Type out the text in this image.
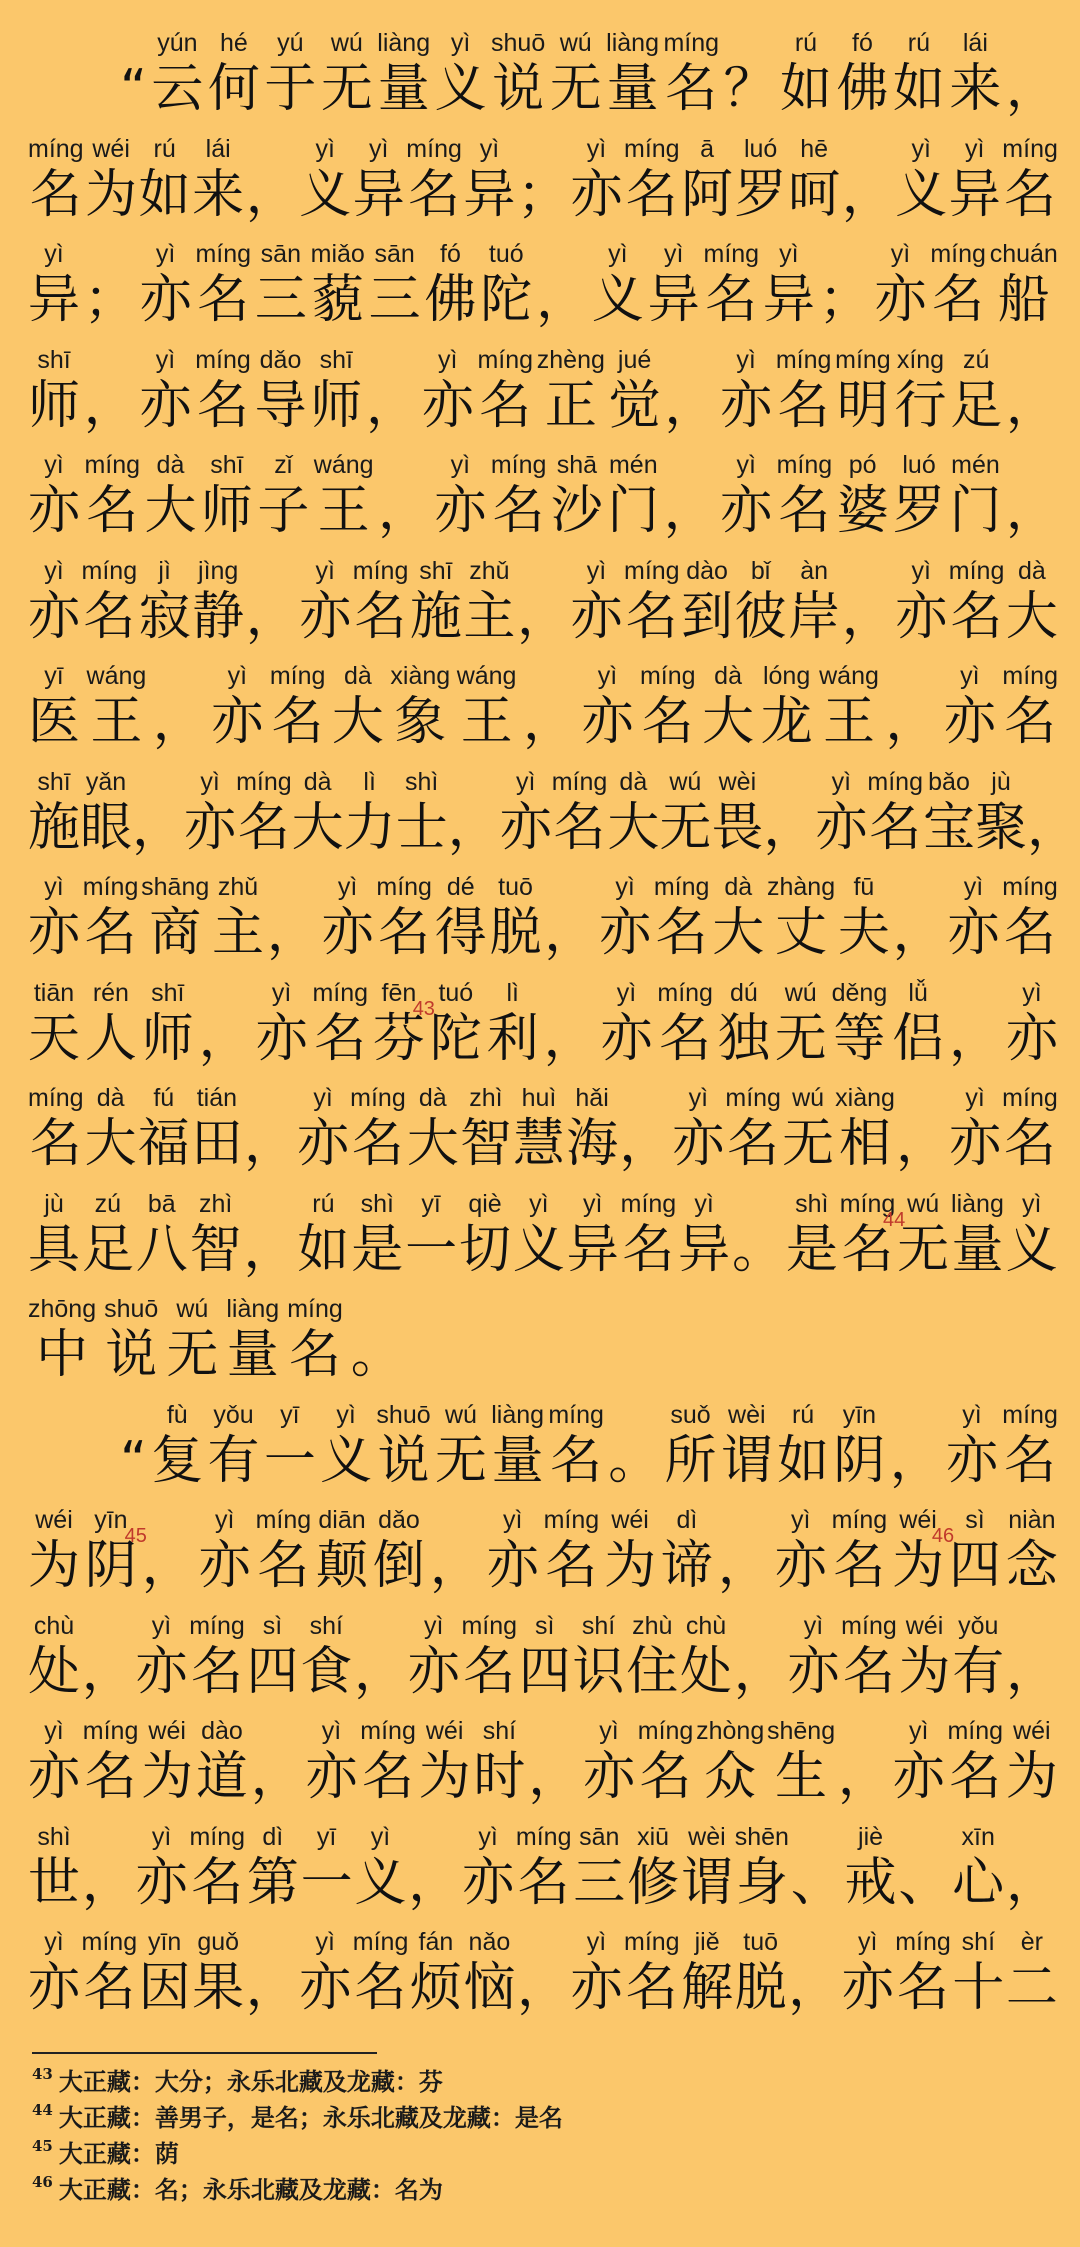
“
yún
云
hé
何
yú
于
wú
无
liàng
量
yì
义
shuō
说
wú
无
liàng
量
míng
名 ？
rú
如
fó
佛
rú
如
lái
来 ，
míng
名
wéi
为
rú
如
lái
来 ，
yì
义
yì
异
míng
名
yì
异 ；
yì
亦
míng
名
ā
阿
luó
罗
hē
呵 ，
yì
义
yì
异
míng
名
yì
异 ；
yì
亦
míng
名
sān
三
miǎo
藐
sān
三
fó
佛
tuó
陀 ，
yì
义
yì
异
míng
名
yì
异 ；
yì
亦
míng
名
chuán
船
shī
师 ，
yì
亦
míng
名
dǎo
导
shī
师 ，
yì
亦
míng
名
zhèng
正
jué
觉 ，
yì
亦
míng
名
míng
明
xíng
行
zú
足 ，
yì
亦
míng
名
dà
大
shī
师
zǐ
子
wáng
王 ，
yì
亦
míng
名
shā
沙
mén
门 ，
yì
亦
míng
名
pó
婆
luó
罗
mén
门 ，
yì
亦
míng
名
jì
寂
jìng
静 ，
yì
亦
míng
名
shī
施
zhǔ
主 ，
yì
亦
míng
名
dào
到
bǐ
彼
àn
岸 ，
yì
亦
míng
名
dà
大
yī
医
wáng
王 ，
yì
亦
míng
名
dà
大
xiàng
象
wáng
王 ，
yì
亦
míng
名
dà
大
lóng
龙
wáng
王 ，
yì
亦
míng
名
shī
施
yǎn
眼 ，
yì
亦
míng
名
dà
大
lì
力
shì
士 ，
yì
亦
míng
名
dà
大
wú
无
wèi
畏 ，
yì
亦
míng
名
bǎo
宝
jù
聚 ，
yì
亦
míng
名
shāng
商
zhǔ
主 ，
yì
亦
míng
名
dé
得
tuō
脱 ，
yì
亦
míng
名
dà
大
zhàng
丈
fū
夫 ，
yì
亦
míng
名
tiān
天
rén
人
shī
师 ，
yì
亦
míng
名
fēn
芬
43
tuó
陀
lì
利 ，
yì
亦
míng
名
dú
独
wú
无
děng
等
lǚ
侣 ，
yì
亦
míng
名
dà
大
fú
福
tián
田 ，
yì
亦
míng
名
dà
大
zhì
智
huì
慧
hǎi
海 ，
yì
亦
míng
名
wú
无
xiàng
相 ，
yì
亦
míng
名
jù
具
zú
足
bā
八
zhì
智 ，
rú
如
shì
是
yī
一
qiè
切
yì
义
yì
异
míng
名
yì
异 。
shì
是
míng
名
44
wú
无
liàng
量
yì
义
zhōng
中
shuō
说
wú
无
liàng
量
míng
名 。
“
fù
复
yǒu
有
yī
一
yì
义
shuō
说
wú
无
liàng
量
míng
名 。
suǒ
所
wèi
谓
rú
如
yīn
阴 ，
yì
亦
míng
名
wéi
为
yīn
阴
45
，
yì
亦
míng
名
diān
颠
dǎo
倒 ，
yì
亦
míng
名
wéi
为
dì
谛 ，
yì
亦
míng
名
wéi
为
46
sì
四
niàn
念
chù
处 ，
yì
亦
míng
名
sì
四
shí
食 ，
yì
亦
míng
名
sì
四
shí
识
zhù
住
chù
处 ，
yì
亦
míng
名
wéi
为
yǒu
有 ，
yì
亦
míng
名
wéi
为
dào
道 ，
yì
亦
míng
名
wéi
为
shí
时 ，
yì
亦
míng
名
zhòng
众
shēng
生 ，
yì
亦
míng
名
wéi
为
shì
世 ，
yì
亦
míng
名
dì
第
yī
一
yì
义 ，
yì
亦
míng
名
sān
三
xiū
修
wèi
谓
shēn
身 、
jiè
戒 、
xīn
心 ，
yì
亦
míng
名
yīn
因
guǒ
果 ，
yì
亦
míng
名
fán
烦
nǎo
恼 ，
yì
亦
míng
名
jiě
解
tuō
脱 ，
yì
亦
míng
名
shí
十
èr
二
43 大正藏：大分；永乐北藏及龙藏：芬
44 大正藏：善男子，是名；永乐北藏及龙藏：是名
45 大正藏：荫
46 大正藏：名；永乐北藏及龙藏：名为
